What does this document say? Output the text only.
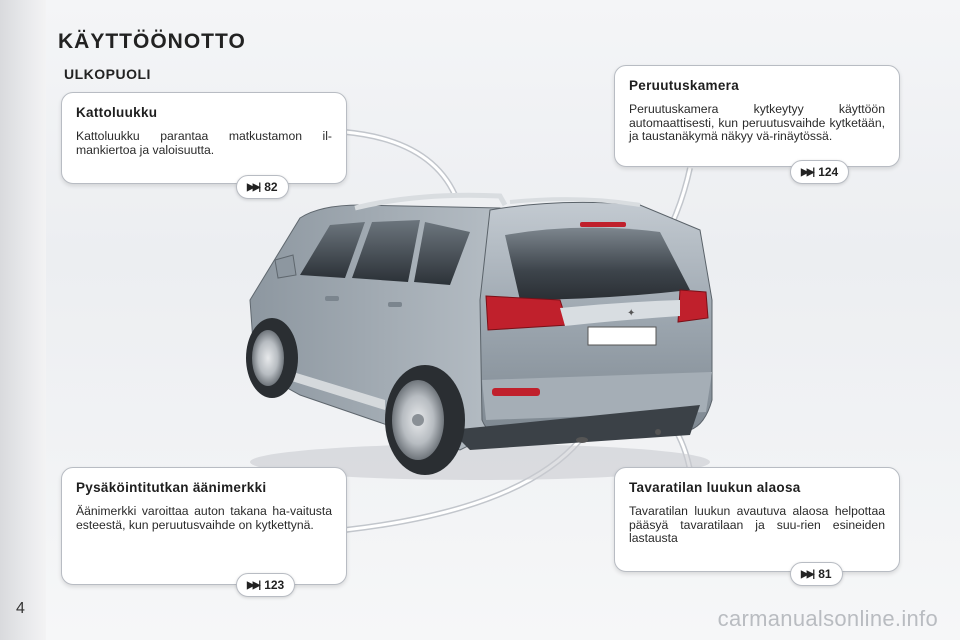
✦
KÄYTTÖÖNOTTO
ULKOPUOLI
Kattoluukku

Kattoluukku parantaa matkustamon il-mankiertoa ja valoisuutta.

▶▶| 82
Peruutuskamera

Peruutuskamera kytkeytyy käyttöön automaattisesti, kun peruutusvaihde kytketään, ja taustanäkymä näkyy vä-rinäytössä.

▶▶| 124
Pysäköintitutkan äänimerkki

Äänimerkki varoittaa auton takana ha-vaitusta esteestä, kun peruutusvaihde on kytkettynä.

▶▶| 123
Tavaratilan luukun alaosa

Tavaratilan luukun avautuva alaosa helpottaa pääsyä tavaratilaan ja suu-rien esineiden lastausta

▶▶| 81
4	carmanualsonline.info
